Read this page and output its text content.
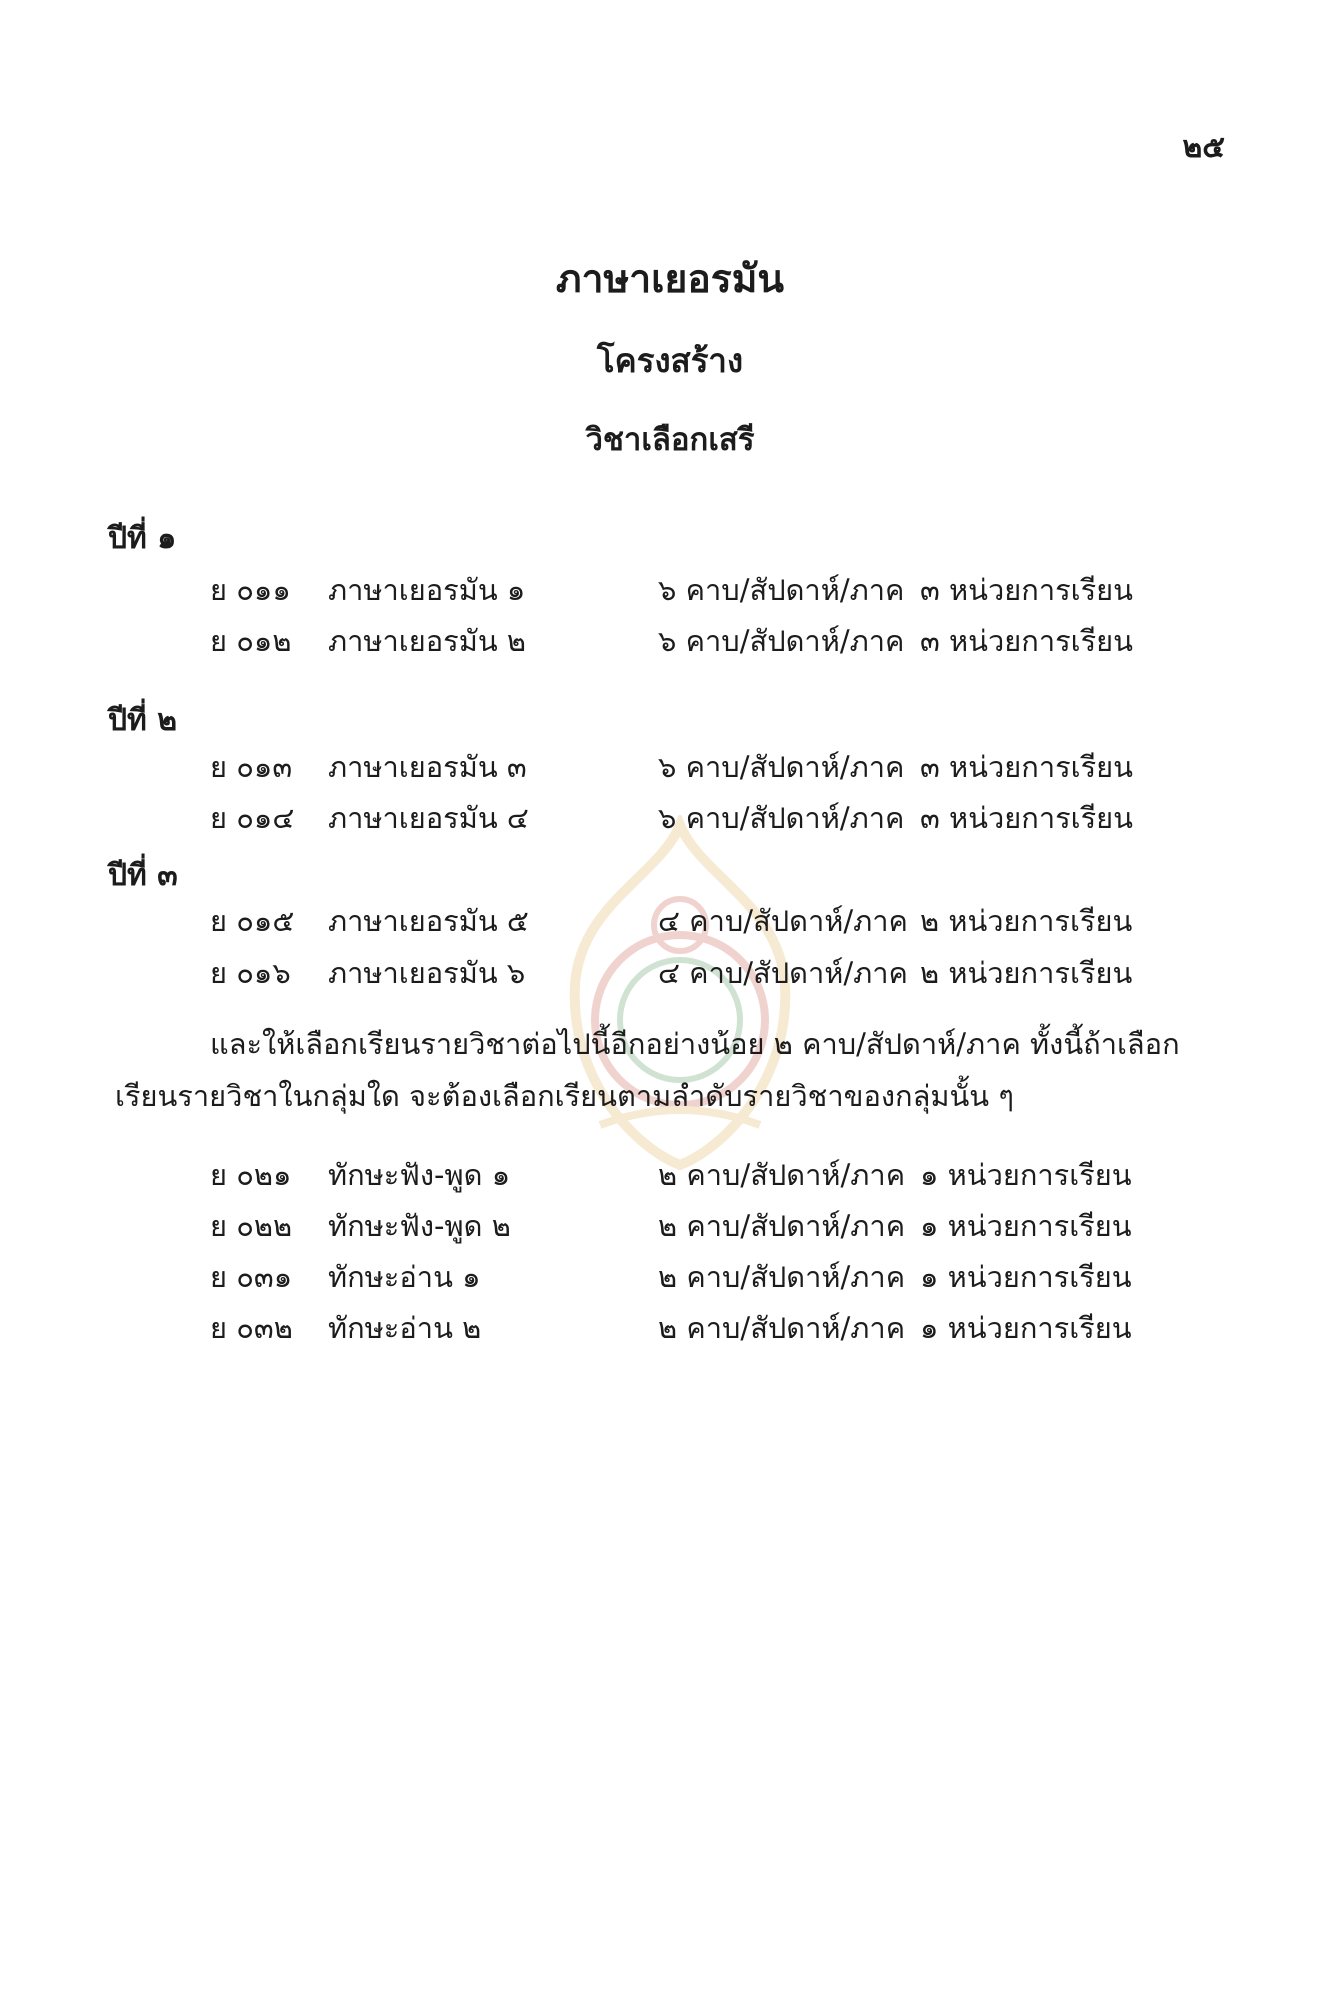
๒๕
ภาษาเยอรมัน
โครงสร้าง
วิชาเลือกเสรี
ปีที่ ๑
ย ๐๑๑ ภาษาเยอรมัน ๑	๖ คาบ/สัปดาห์/ภาค ๓ หน่วยการเรียน
ย ๐๑๒ ภาษาเยอรมัน ๒	๖ คาบ/สัปดาห์/ภาค ๓ หน่วยการเรียน
ปีที่ ๒
ย ๐๑๓ ภาษาเยอรมัน ๓	๖ คาบ/สัปดาห์/ภาค ๓ หน่วยการเรียน
ย ๐๑๔ ภาษาเยอรมัน ๔	๖ คาบ/สัปดาห์/ภาค ๓ หน่วยการเรียน
ปีที่ ๓
ย ๐๑๕ ภาษาเยอรมัน ๕	๔ คาบ/สัปดาห์/ภาค ๒ หน่วยการเรียน
ย ๐๑๖ ภาษาเยอรมัน ๖	๔ คาบ/สัปดาห์/ภาค ๒ หน่วยการเรียน
และให้เลือกเรียนรายวิชาต่อไปนี้อีกอย่างน้อย ๒ คาบ/สัปดาห์/ภาค ทั้งนี้ถ้าเลือก
เรียนรายวิชาในกลุ่มใด จะต้องเลือกเรียนตามลำดับรายวิชาของกลุ่มนั้น ๆ
ย ๐๒๑ ทักษะฟัง-พูด ๑	๒ คาบ/สัปดาห์/ภาค ๑ หน่วยการเรียน
ย ๐๒๒ ทักษะฟัง-พูด ๒	๒ คาบ/สัปดาห์/ภาค ๑ หน่วยการเรียน
ย ๐๓๑ ทักษะอ่าน ๑	๒ คาบ/สัปดาห์/ภาค ๑ หน่วยการเรียน
ย ๐๓๒ ทักษะอ่าน ๒	๒ คาบ/สัปดาห์/ภาค ๑ หน่วยการเรียน
